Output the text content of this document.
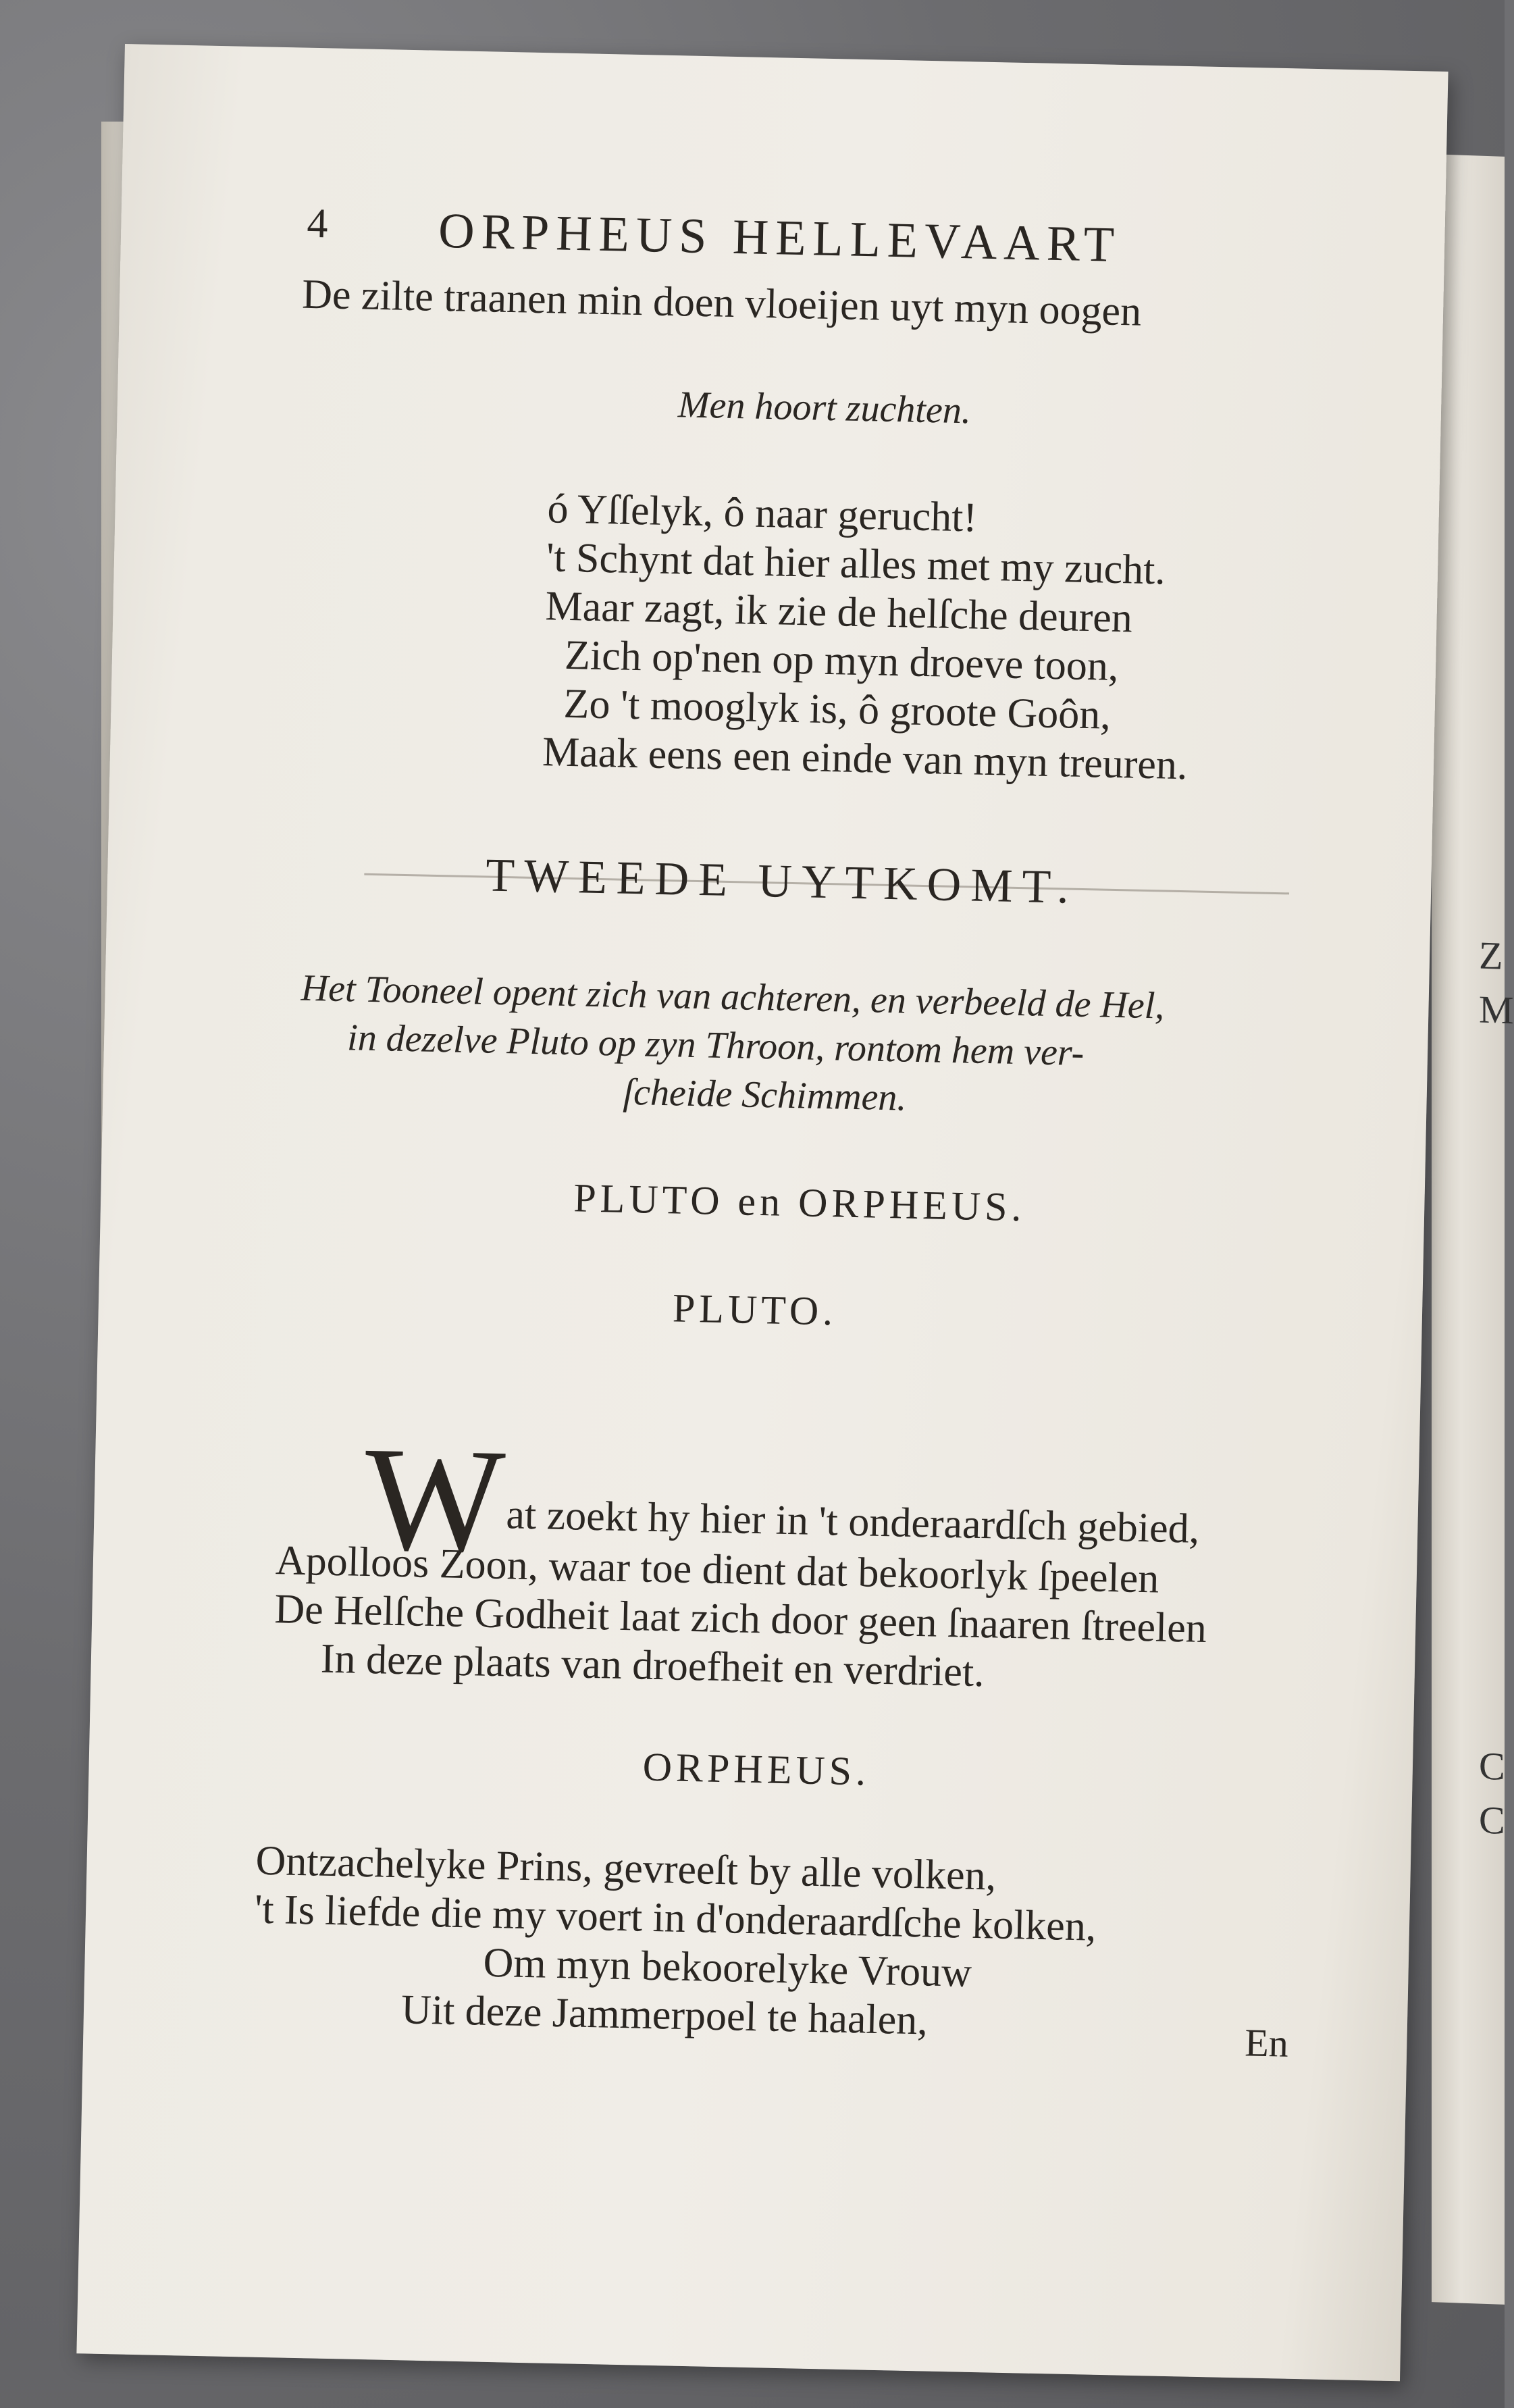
Z
M
C
C
4 ORPHEUS HELLEVAART
De zilte traanen min doen vloeijen uyt myn oogen
Men hoort zuchten.
ó Yſſelyk, ô naar gerucht!
't Schynt dat hier alles met my zucht.
Maar zagt, ik zie de helſche deuren
Zich op'nen op myn droeve toon,
Zo 't mooglyk is, ô groote Goôn,
Maak eens een einde van myn treuren.
TWEEDE UYTKOMT.
Het Tooneel opent zich van achteren, en verbeeld de Hel,
in dezelve Pluto op zyn Throon, rontom hem ver-
ſcheide Schimmen.
PLUTO en ORPHEUS.
PLUTO.
W
at zoekt hy hier in 't onderaardſch gebied,
Apolloos Zoon, waar toe dient dat bekoorlyk ſpeelen
De Helſche Godheit laat zich door geen ſnaaren ſtreelen
In deze plaats van droefheit en verdriet.
ORPHEUS.
Ontzachelyke Prins, gevreeſt by alle volken,
't Is liefde die my voert in d'onderaardſche kolken,
Om myn bekoorelyke Vrouw
Uit deze Jammerpoel te haalen,	En
